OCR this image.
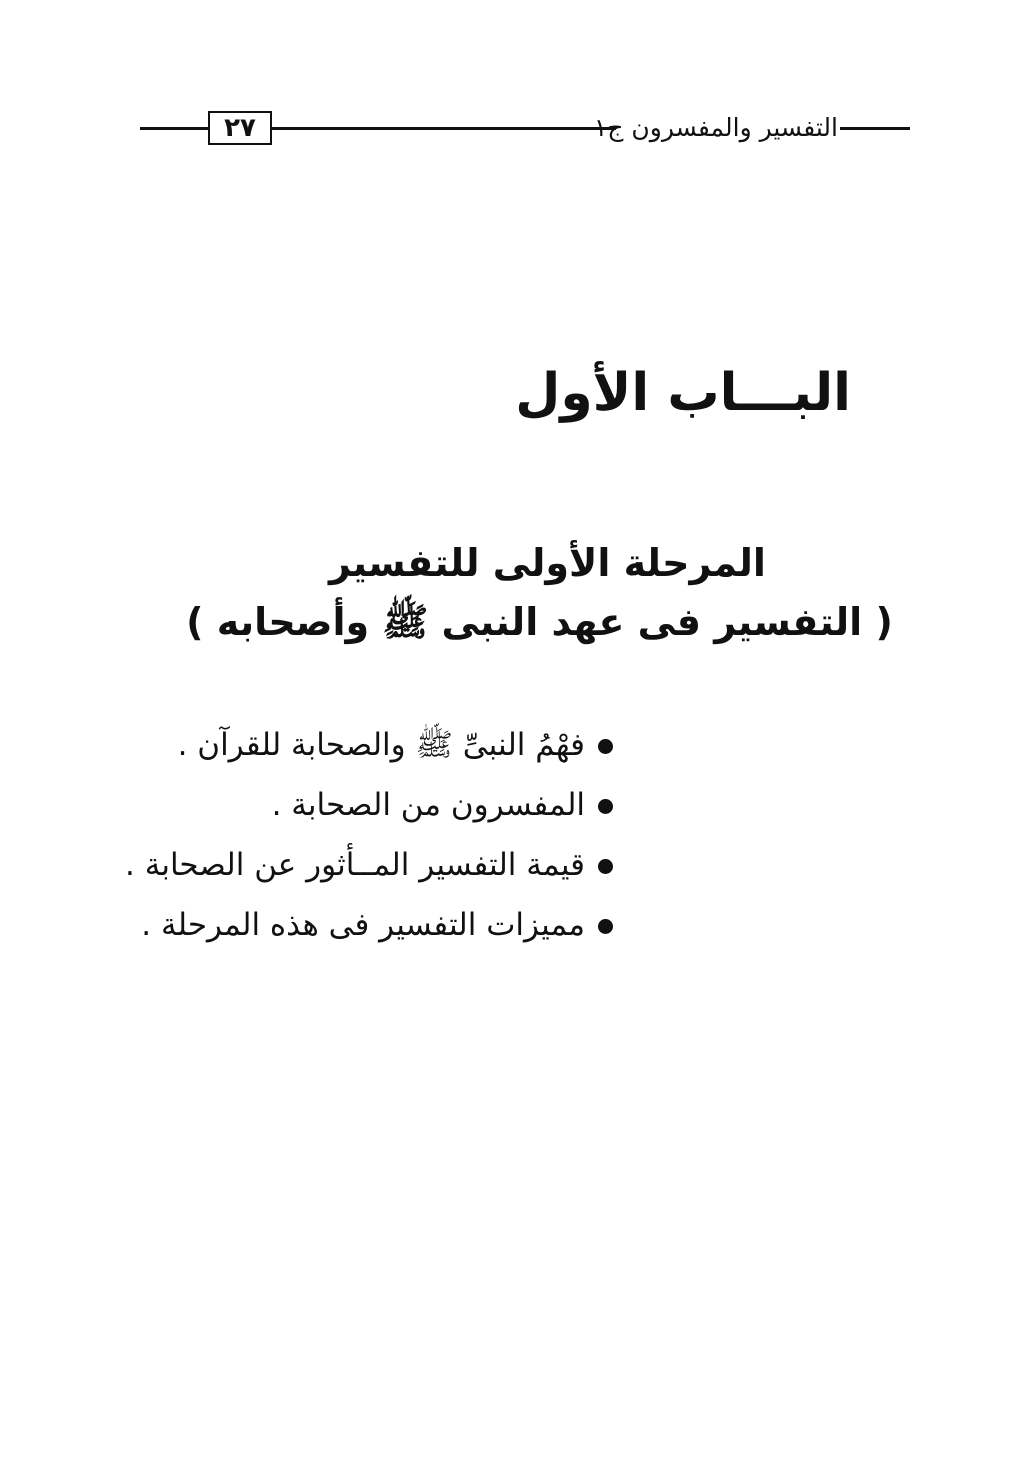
٢٧	التفسير والمفسرون ج١
البـــاب الأول
المرحلة الأولى للتفسير
( التفسير فى عهد النبى ﷺ وأصحابه )
فهْمُ النبىِّ ﷺ والصحابة للقرآن .
المفسرون من الصحابة .
قيمة التفسير المــأثور عن الصحابة .
مميزات التفسير فى هذه المرحلة .
